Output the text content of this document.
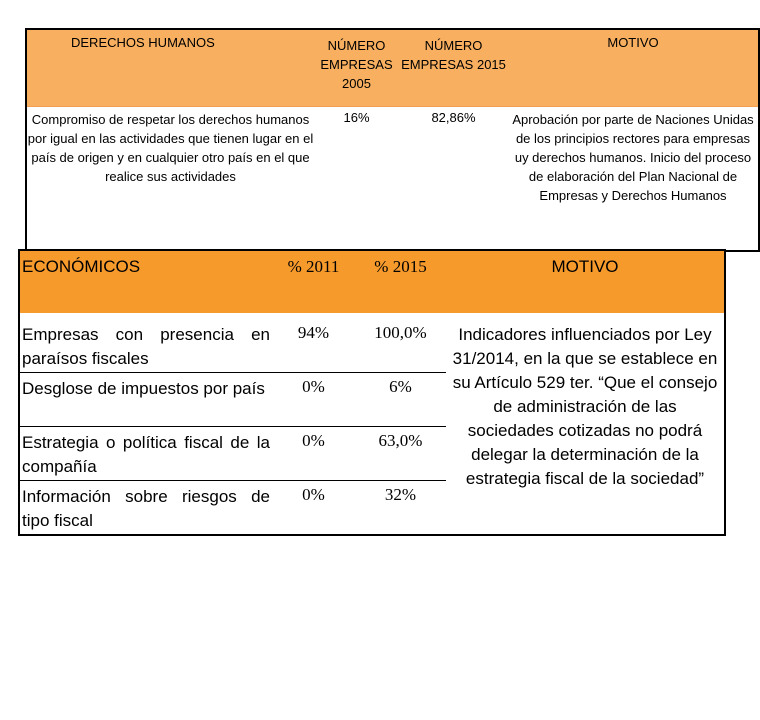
DERECHOS HUMANOS	NÚMERO EMPRESAS 2005	NÚMERO EMPRESAS 2015	MOTIVO
Compromiso de respetar los derechos humanos por igual en las actividades que tienen lugar en el país de origen y en cualquier otro país en el que realice sus actividades	16%	82,86%	Aprobación por parte de Naciones Unidas de los principios rectores para empresas uy derechos humanos. Inicio del proceso de elaboración del Plan Nacional de Empresas y Derechos Humanos
ECONÓMICOS	% 2011	% 2015	MOTIVO

Empresas con presencia en paraísos fiscales	94%	100,0%	Indicadores influenciados por Ley 31/2014, en la que se establece en su Artículo 529 ter. “Que el consejo de administración de las sociedades cotizadas no podrá delegar la determinación de la estrategia fiscal de la sociedad”
Desglose de impuestos por país	0%	6%	
Estrategia o política fiscal de la compañía	0%	63,0%	
Información sobre riesgos de tipo fiscal	0%	32%	
